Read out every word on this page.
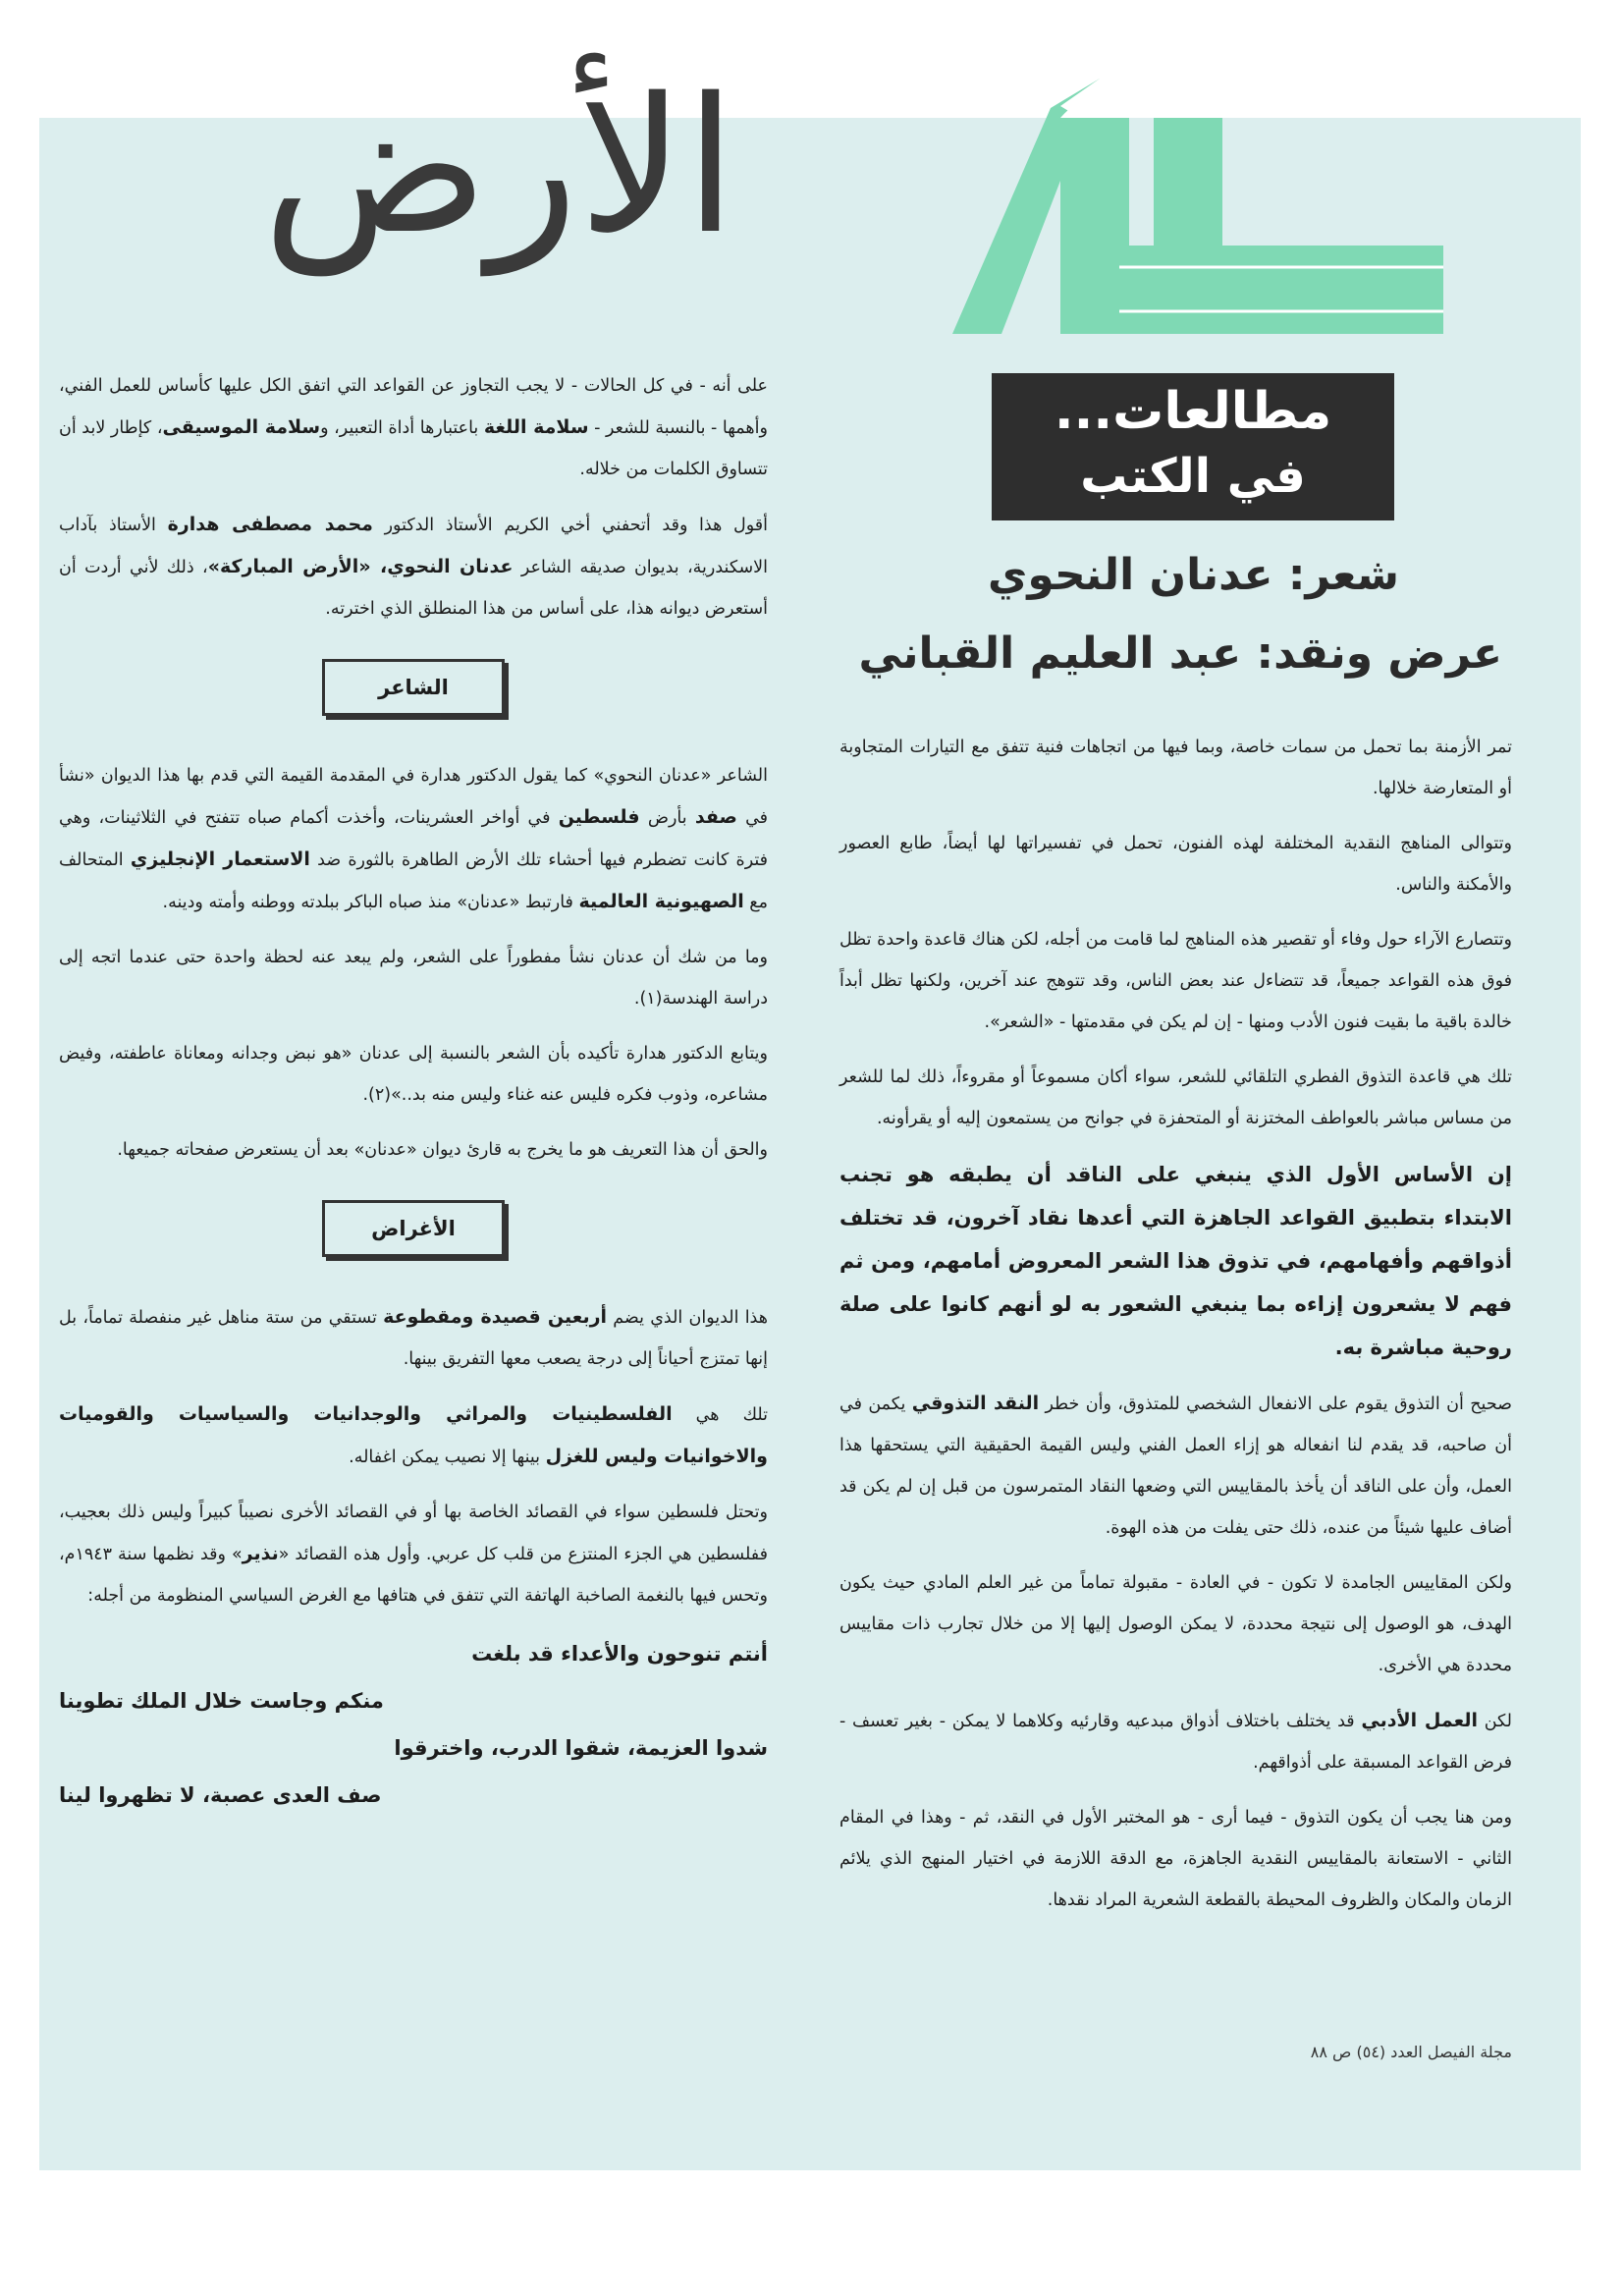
مطالعات...
في الكتب
الأرض
شعر: عدنان النحوي
عرض ونقد: عبد العليم القباني

تمر الأزمنة بما تحمل من سمات خاصة، وبما فيها من اتجاهات فنية تتفق مع التيارات المتجاوبة أو المتعارضة خلالها.

وتتوالى المناهج النقدية المختلفة لهذه الفنون، تحمل في تفسيراتها لها أيضاً، طابع العصور والأمكنة والناس.

وتتصارع الآراء حول وفاء أو تقصير هذه المناهج لما قامت من أجله، لكن هناك قاعدة واحدة تظل فوق هذه القواعد جميعاً، قد تتضاءل عند بعض الناس، وقد تتوهج عند آخرين، ولكنها تظل أبداً خالدة باقية ما بقيت فنون الأدب ومنها - إن لم يكن في مقدمتها - «الشعر».

تلك هي قاعدة التذوق الفطري التلقائي للشعر، سواء أكان مسموعاً أو مقروءاً، ذلك لما للشعر من مساس مباشر بالعواطف المختزنة أو المتحفزة في جوانح من يستمعون إليه أو يقرأونه.

إن الأساس الأول الذي ينبغي على الناقد أن يطبقه هو تجنب الابتداء بتطبيق القواعد الجاهزة التي أعدها نقاد آخرون، قد تختلف أذواقهم وأفهامهم، في تذوق هذا الشعر المعروض أمامهم، ومن ثم فهم لا يشعرون إزاءه بما ينبغي الشعور به لو أنهم كانوا على صلة روحية مباشرة به.

صحيح أن التذوق يقوم على الانفعال الشخصي للمتذوق، وأن خطر النقد التذوقي يكمن في أن صاحبه، قد يقدم لنا انفعاله هو إزاء العمل الفني وليس القيمة الحقيقية التي يستحقها هذا العمل، وأن على الناقد أن يأخذ بالمقاييس التي وضعها النقاد المتمرسون من قبل إن لم يكن قد أضاف عليها شيئاً من عنده، ذلك حتى يفلت من هذه الهوة.

ولكن المقاييس الجامدة لا تكون - في العادة - مقبولة تماماً من غير العلم المادي حيث يكون الهدف، هو الوصول إلى نتيجة محددة، لا يمكن الوصول إليها إلا من خلال تجارب ذات مقاييس محددة هي الأخرى.

لكن العمل الأدبي قد يختلف باختلاف أذواق مبدعيه وقارئيه وكلاهما لا يمكن - بغير تعسف - فرض القواعد المسبقة على أذواقهم.

ومن هنا يجب أن يكون التذوق - فيما أرى - هو المختبر الأول في النقد، ثم - وهذا في المقام الثاني - الاستعانة بالمقاييس النقدية الجاهزة، مع الدقة اللازمة في اختيار المنهج الذي يلائم الزمان والمكان والظروف المحيطة بالقطعة الشعرية المراد نقدها.

على أنه - في كل الحالات - لا يجب التجاوز عن القواعد التي اتفق الكل عليها كأساس للعمل الفني، وأهمها - بالنسبة للشعر - سلامة اللغة باعتبارها أداة التعبير، وسلامة الموسيقى، كإطار لابد أن تتساوق الكلمات من خلاله.

أقول هذا وقد أتحفني أخي الكريم الأستاذ الدكتور محمد مصطفى هدارة الأستاذ بآداب الاسكندرية، بديوان صديقه الشاعر عدنان النحوي، «الأرض المباركة»، ذلك لأني أردت أن أستعرض ديوانه هذا، على أساس من هذا المنطلق الذي اخترته.

الشاعر

الشاعر «عدنان النحوي» كما يقول الدكتور هدارة في المقدمة القيمة التي قدم بها هذا الديوان «نشأ في صفد بأرض فلسطين في أواخر العشرينات، وأخذت أكمام صباه تتفتح في الثلاثينات، وهي فترة كانت تضطرم فيها أحشاء تلك الأرض الطاهرة بالثورة ضد الاستعمار الإنجليزي المتحالف مع الصهيونية العالمية فارتبط «عدنان» منذ صباه الباكر ببلدته ووطنه وأمته ودينه.

وما من شك أن عدنان نشأ مفطوراً على الشعر، ولم يبعد عنه لحظة واحدة حتى عندما اتجه إلى دراسة الهندسة(١).

ويتابع الدكتور هدارة تأكيده بأن الشعر بالنسبة إلى عدنان «هو نبض وجدانه ومعاناة عاطفته، وفيض مشاعره، وذوب فكره فليس عنه غناء وليس منه بد..»(٢).

والحق أن هذا التعريف هو ما يخرج به قارئ ديوان «عدنان» بعد أن يستعرض صفحاته جميعها.

الأغراض

هذا الديوان الذي يضم أربعين قصيدة ومقطوعة تستقي من ستة مناهل غير منفصلة تماماً، بل إنها تمتزج أحياناً إلى درجة يصعب معها التفريق بينها.

تلك هي الفلسطينيات والمراثي والوجدانيات والسياسيات والقوميات والاخوانيات وليس للغزل بينها إلا نصيب يمكن اغفاله.

وتحتل فلسطين سواء في القصائد الخاصة بها أو في القصائد الأخرى نصيباً كبيراً وليس ذلك بعجيب، ففلسطين هي الجزء المنتزع من قلب كل عربي. وأول هذه القصائد «نذير» وقد نظمها سنة ١٩٤٣م، وتحس فيها بالنغمة الصاخبة الهاتفة التي تتفق في هتافها مع الغرض السياسي المنظومة من أجله:

أنتم تنوحون والأعداء قد بلغت
منكم وجاست خلال الملك تطوينا
شدوا العزيمة، شقوا الدرب، واخترقوا
صف العدى عصبة، لا تظهروا لينا
مجلة الفيصل العدد (٥٤) ص ٨٨
